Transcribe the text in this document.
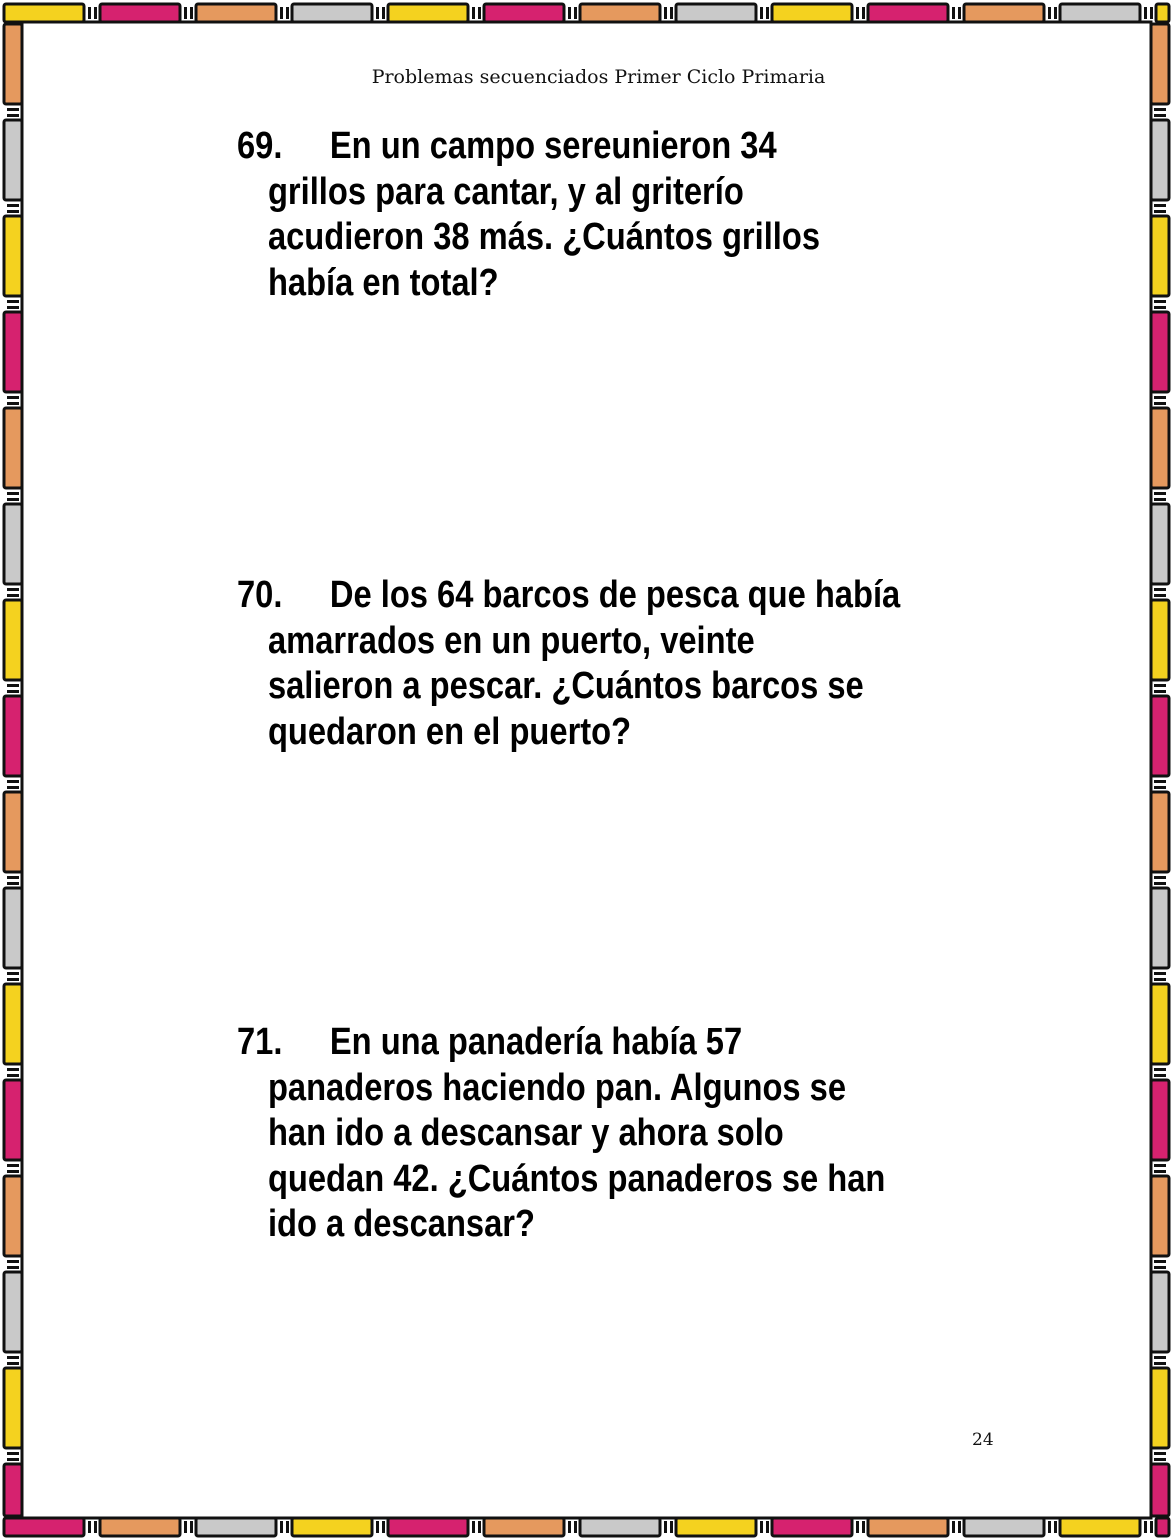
Problemas secuenciados Primer Ciclo Primaria
69. En un campo sereunieron 34
grillos para cantar, y al griterío
acudieron 38 más. ¿Cuántos grillos
había en total?
70. De los 64 barcos de pesca que había
amarrados en un puerto, veinte
salieron a pescar. ¿Cuántos barcos se
quedaron en el puerto?
71. En una panadería había 57
panaderos haciendo pan. Algunos se
han ido a descansar y ahora solo
quedan 42. ¿Cuántos panaderos se han
ido a descansar?
24
